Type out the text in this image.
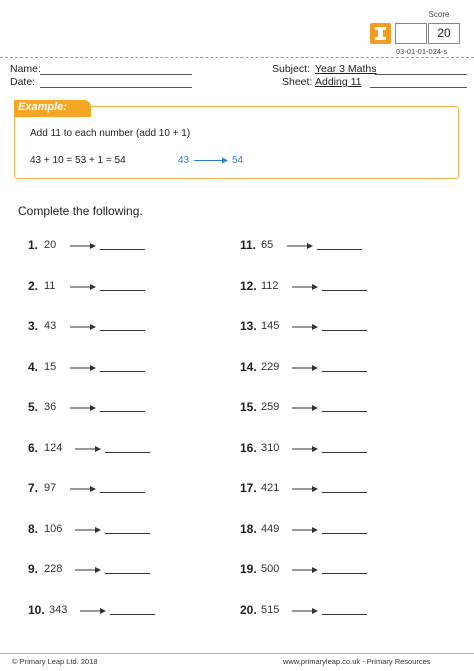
Score
20
03-01-01-024-s
Name:
Date:
Subject: Year 3 Maths
Sheet: Adding 11
Example:
Add 11 to each number (add 10 + 1)
43 + 10 = 53 + 1 = 54	43	54
Complete the following.
1. 20
2. 11
3. 43
4. 15
5. 36
6. 124
7. 97
8. 106
9. 228
10. 343
11. 65
12. 112
13. 145
14. 229
15. 259
16. 310
17. 421
18. 449
19. 500
20. 515
© Primary Leap Ltd. 2018	www.primaryleap.co.uk - Primary Resources
